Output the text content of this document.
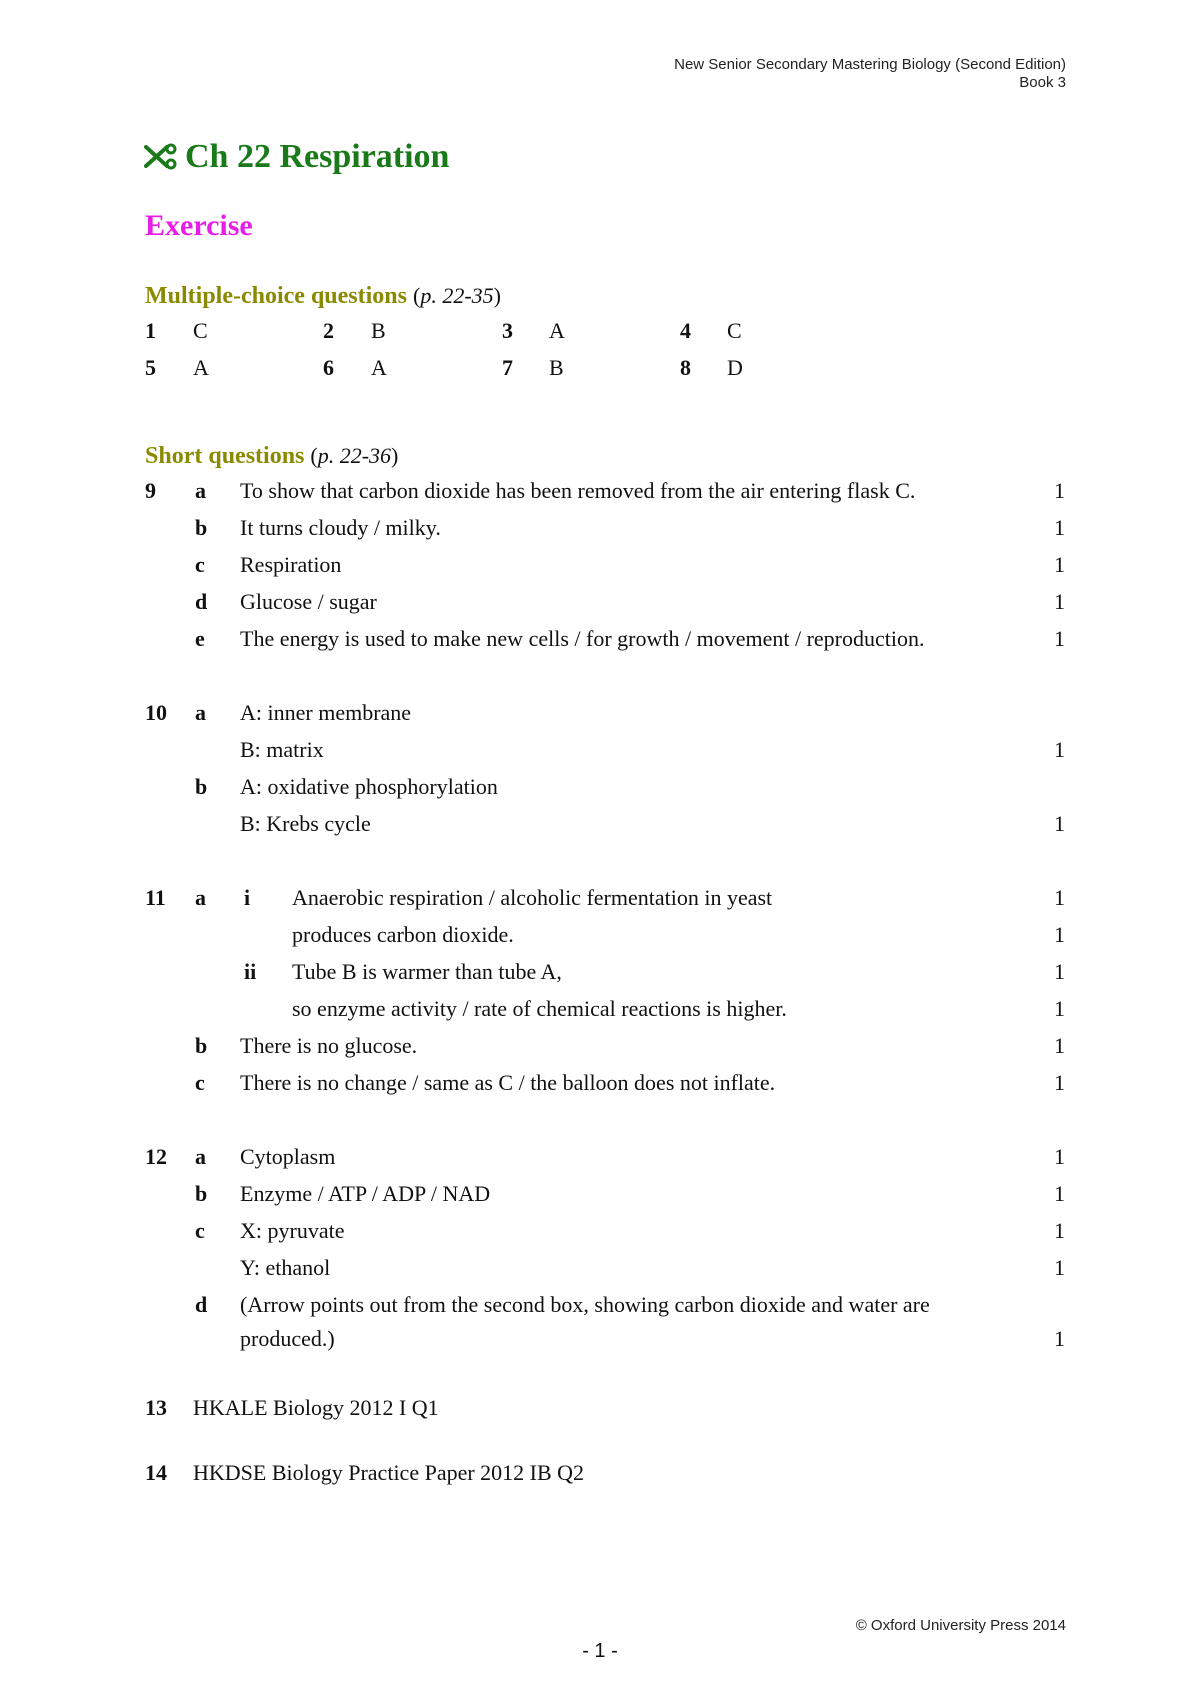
New Senior Secondary Mastering Biology (Second Edition)
Book 3
Ch 22 Respiration
Exercise
Multiple-choice questions (p. 22-35)
1 C	2 B	3 A	4 C
5 A	6 A	7 B	8 D
Short questions (p. 22-36)
9 a To show that carbon dioxide has been removed from the air entering flask C.	1
b It turns cloudy / milky.	1
c Respiration	1
d Glucose / sugar	1
e The energy is used to make new cells / for growth / movement / reproduction.	1
10 a A: inner membrane
B: matrix	1
b A: oxidative phosphorylation
B: Krebs cycle	1
11 a i Anaerobic respiration / alcoholic fermentation in yeast	1
produces carbon dioxide.	1
ii Tube B is warmer than tube A,	1
so enzyme activity / rate of chemical reactions is higher.	1
b There is no glucose.	1
c There is no change / same as C / the balloon does not inflate.	1
12 a Cytoplasm	1
b Enzyme / ATP / ADP / NAD	1
c X: pyruvate	1
Y: ethanol	1
d (Arrow points out from the second box, showing carbon dioxide and water are
produced.)	1
13 HKALE Biology 2012 I Q1
14 HKDSE Biology Practice Paper 2012 IB Q2
© Oxford University Press 2014
- 1 -
